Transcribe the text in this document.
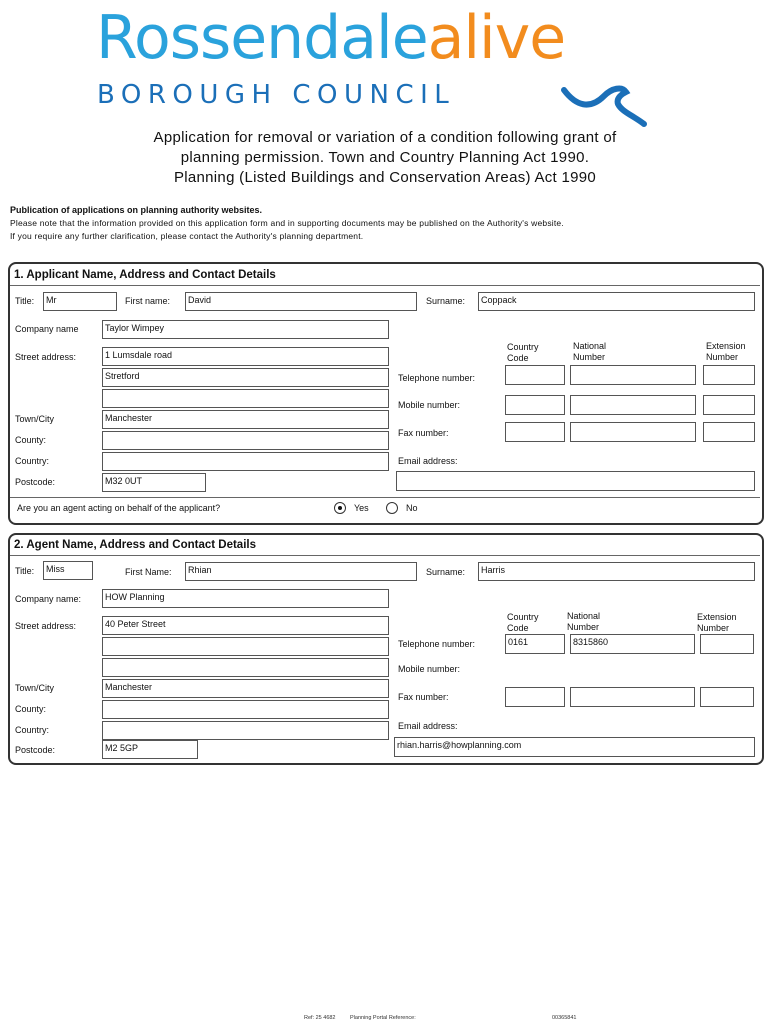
Rossendalealive
BOROUGH COUNCIL
Application for removal or variation of a condition following grant of
planning permission. Town and Country Planning Act 1990.
Planning (Listed Buildings and Conservation Areas) Act 1990
Publication of applications on planning authority websites.
Please note that the information provided on this application form and in supporting documents may be published on the Authority's website.
If you require any further clarification, please contact the Authority's planning department.
1. Applicant Name, Address and Contact Details
Title:	Mr	First name:	David	Surname:	Coppack
Company name	Taylor Wimpey
Street address:	1 Lumsdale road
Stretford
Town/City	Manchester
County:
Country:
Postcode:	M32 0UT
Country
Code
National
Number
Extension
Number
Telephone number:
Mobile number:
Fax number:
Email address:
Are you an agent acting on behalf of the applicant?	Yes	No
2. Agent Name, Address and Contact Details
Title:	Miss	First Name:	Rhian	Surname:	Harris
Company name:	HOW Planning
Street address:	40 Peter Street
Town/City	Manchester
County:
Country:
Postcode:	M2 5GP
Country
Code
National
Number
Extension
Number
Telephone number:	0161	8315860
Mobile number:
Fax number:
Email address:
rhian.harris@howplanning.com
Ref: 25 4682	Planning Portal Reference:	00365841
